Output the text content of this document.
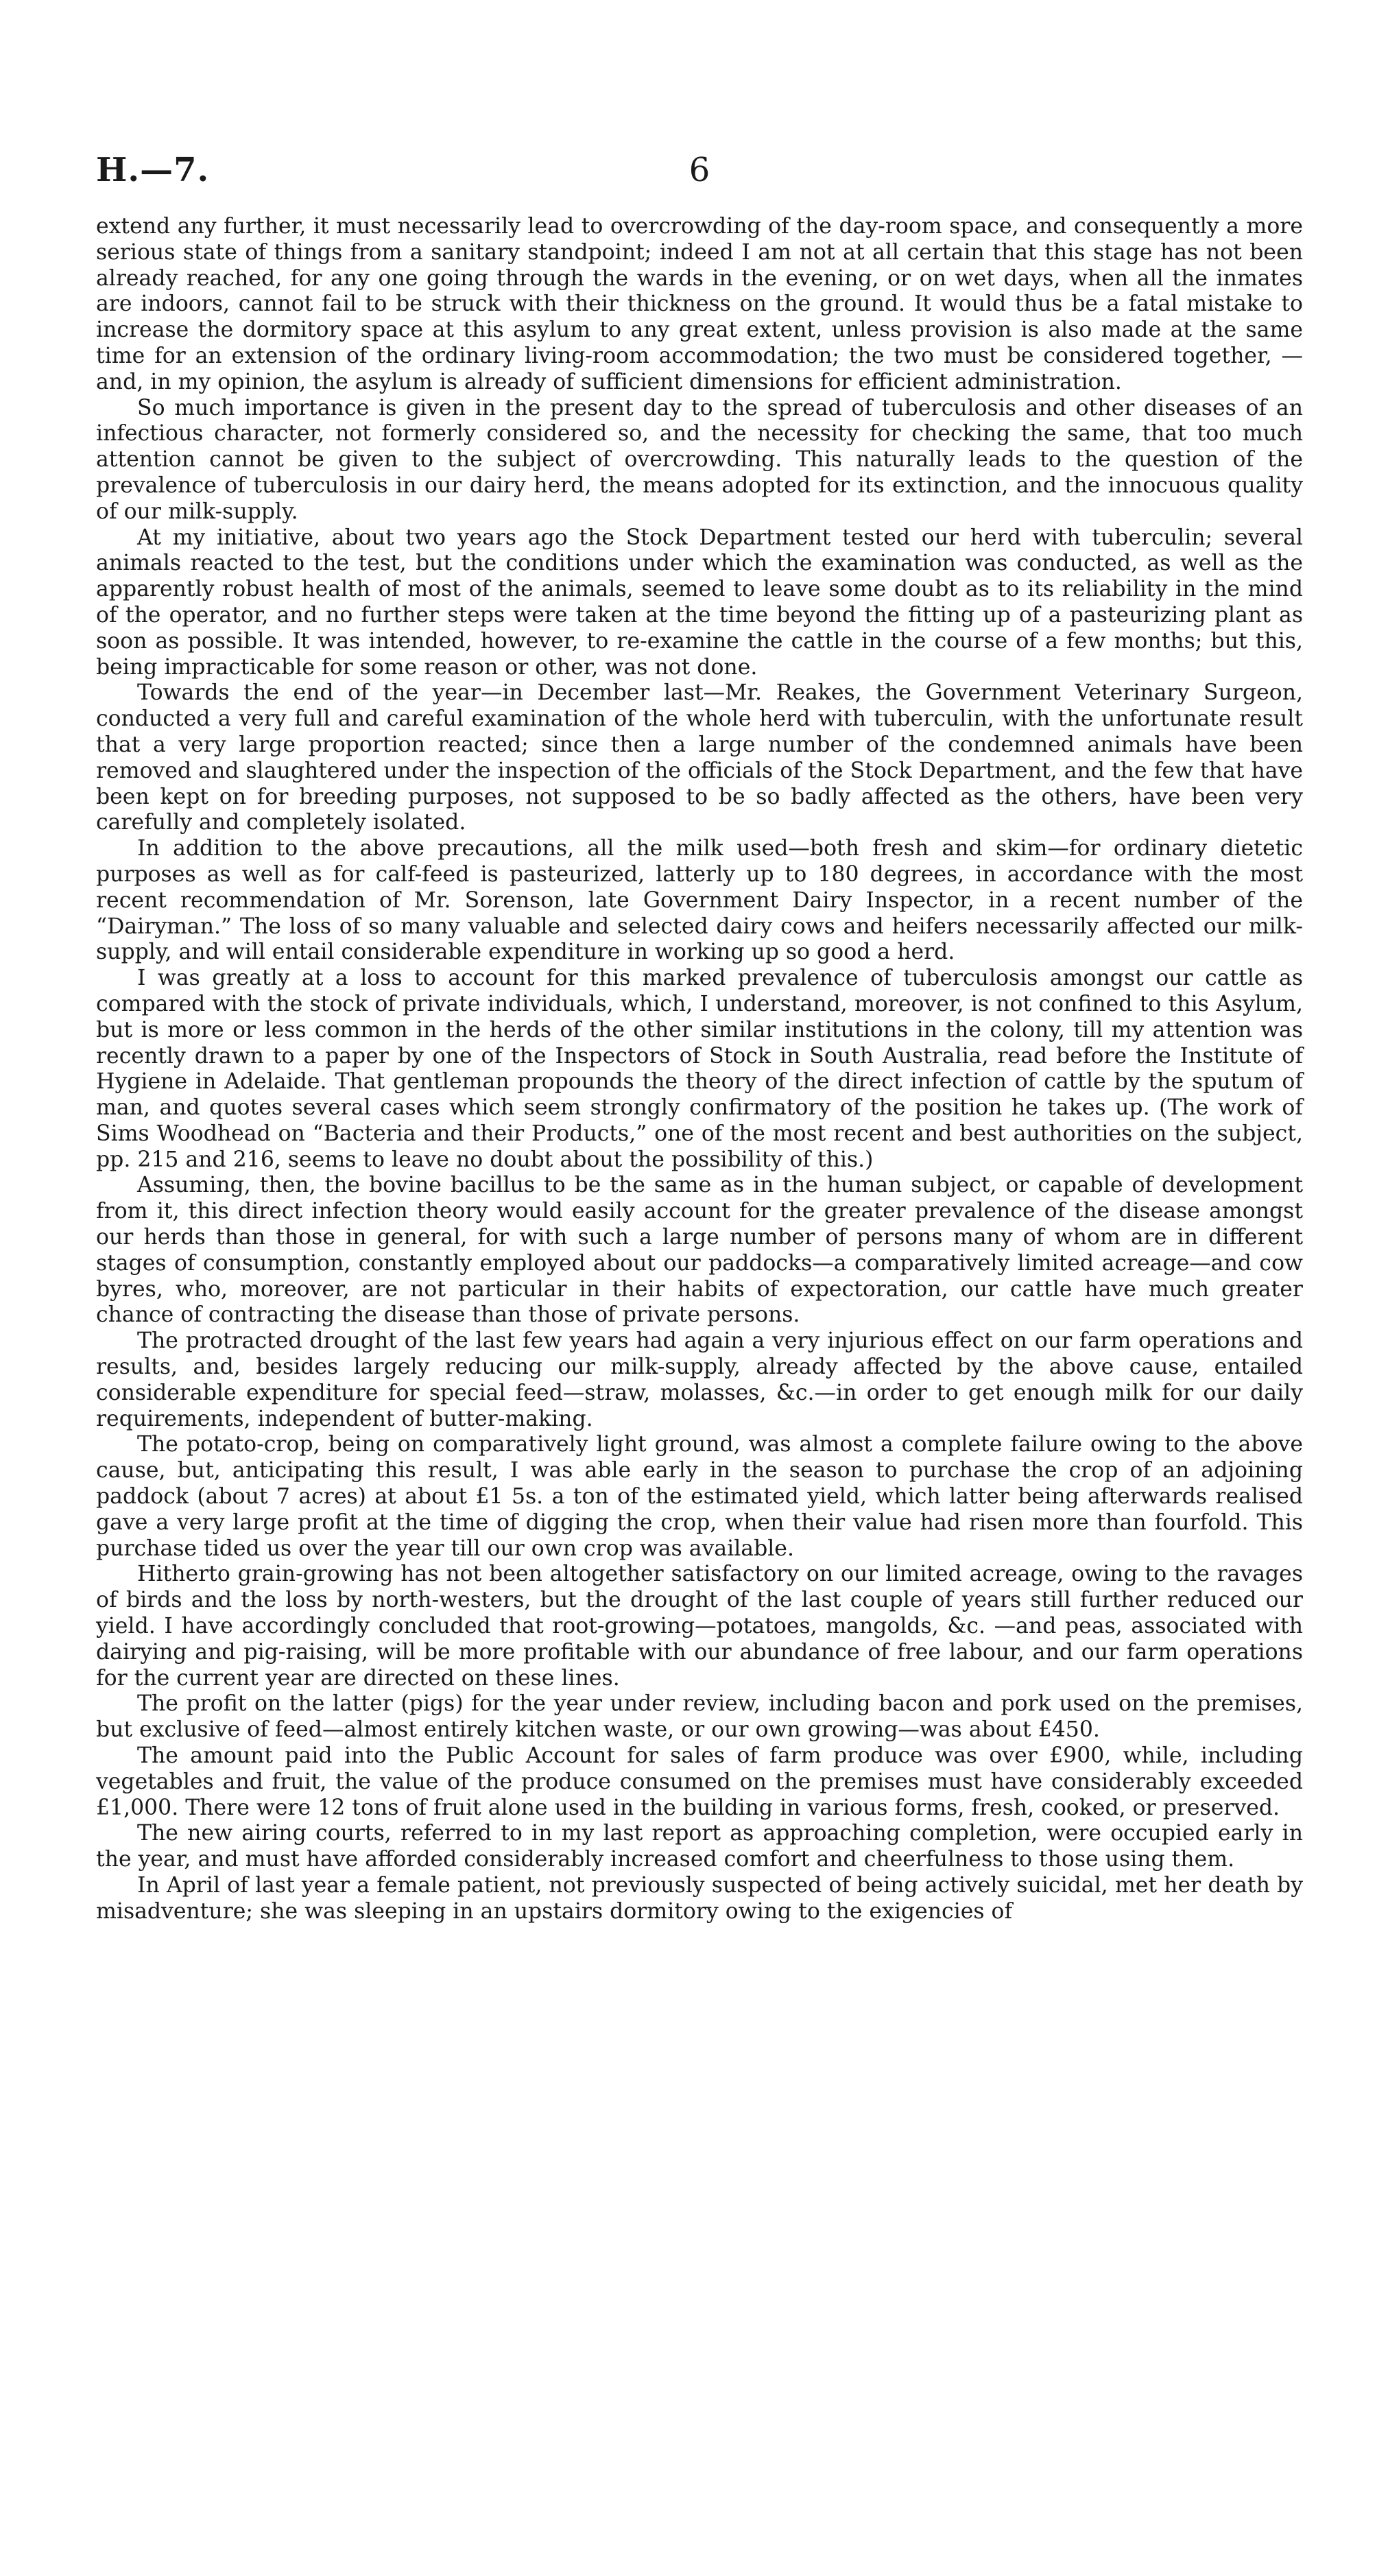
H.—7.	6

extend any further, it must necessarily lead to overcrowding of the day-room space, and consequently a more serious state of things from a sanitary standpoint; indeed I am not at all certain that this stage has not been already reached, for any one going through the wards in the evening, or on wet days, when all the inmates are indoors, cannot fail to be struck with their thickness on the ground. It would thus be a fatal mistake to increase the dormitory space at this asylum to any great extent, unless provision is also made at the same time for an extension of the ordinary living-room accommodation; the two must be considered together, — and, in my opinion, the asylum is already of sufficient dimensions for efficient administration.

So much importance is given in the present day to the spread of tuberculosis and other diseases of an infectious character, not formerly considered so, and the necessity for checking the same, that too much attention cannot be given to the subject of overcrowding. This naturally leads to the question of the prevalence of tuberculosis in our dairy herd, the means adopted for its extinction, and the innocuous quality of our milk-supply.

At my initiative, about two years ago the Stock Department tested our herd with tuberculin; several animals reacted to the test, but the conditions under which the examination was conducted, as well as the apparently robust health of most of the animals, seemed to leave some doubt as to its reliability in the mind of the operator, and no further steps were taken at the time beyond the fitting up of a pasteurizing plant as soon as possible. It was intended, however, to re-examine the cattle in the course of a few months; but this, being impracticable for some reason or other, was not done.

Towards the end of the year—in December last—Mr. Reakes, the Government Veterinary Surgeon, conducted a very full and careful examination of the whole herd with tuberculin, with the unfortunate result that a very large proportion reacted; since then a large number of the condemned animals have been removed and slaughtered under the inspection of the officials of the Stock Department, and the few that have been kept on for breeding purposes, not supposed to be so badly affected as the others, have been very carefully and completely isolated.

In addition to the above precautions, all the milk used—both fresh and skim—for ordinary dietetic purposes as well as for calf-feed is pasteurized, latterly up to 180 degrees, in accordance with the most recent recommendation of Mr. Sorenson, late Government Dairy Inspector, in a recent number of the “Dairyman.” The loss of so many valuable and selected dairy cows and heifers necessarily affected our milk-supply, and will entail considerable expenditure in working up so good a herd.

I was greatly at a loss to account for this marked prevalence of tuberculosis amongst our cattle as compared with the stock of private individuals, which, I understand, moreover, is not confined to this Asylum, but is more or less common in the herds of the other similar institutions in the colony, till my attention was recently drawn to a paper by one of the Inspectors of Stock in South Australia, read before the Institute of Hygiene in Adelaide. That gentleman propounds the theory of the direct infection of cattle by the sputum of man, and quotes several cases which seem strongly confirmatory of the position he takes up. (The work of Sims Woodhead on “Bacteria and their Products,” one of the most recent and best authorities on the subject, pp. 215 and 216, seems to leave no doubt about the possibility of this.)

Assuming, then, the bovine bacillus to be the same as in the human subject, or capable of development from it, this direct infection theory would easily account for the greater prevalence of the disease amongst our herds than those in general, for with such a large number of persons many of whom are in different stages of consumption, constantly employed about our paddocks—a comparatively limited acreage—and cow byres, who, moreover, are not particular in their habits of expectoration, our cattle have much greater chance of contracting the disease than those of private persons.

The protracted drought of the last few years had again a very injurious effect on our farm operations and results, and, besides largely reducing our milk-supply, already affected by the above cause, entailed considerable expenditure for special feed—straw, molasses, &c.—in order to get enough milk for our daily requirements, independent of butter-making.

The potato-crop, being on comparatively light ground, was almost a complete failure owing to the above cause, but, anticipating this result, I was able early in the season to purchase the crop of an adjoining paddock (about 7 acres) at about £1 5s. a ton of the estimated yield, which latter being afterwards realised gave a very large profit at the time of digging the crop, when their value had risen more than fourfold. This purchase tided us over the year till our own crop was available.

Hitherto grain-growing has not been altogether satisfactory on our limited acreage, owing to the ravages of birds and the loss by north-westers, but the drought of the last couple of years still further reduced our yield. I have accordingly concluded that root-growing—potatoes, mangolds, &c. —and peas, associated with dairying and pig-raising, will be more profitable with our abundance of free labour, and our farm operations for the current year are directed on these lines.

The profit on the latter (pigs) for the year under review, including bacon and pork used on the premises, but exclusive of feed—almost entirely kitchen waste, or our own growing—was about £450.

The amount paid into the Public Account for sales of farm produce was over £900, while, including vegetables and fruit, the value of the produce consumed on the premises must have considerably exceeded £1,000. There were 12 tons of fruit alone used in the building in various forms, fresh, cooked, or preserved.

The new airing courts, referred to in my last report as approaching completion, were occupied early in the year, and must have afforded considerably increased comfort and cheerfulness to those using them.

In April of last year a female patient, not previously suspected of being actively suicidal, met her death by misadventure; she was sleeping in an upstairs dormitory owing to the exigencies of
